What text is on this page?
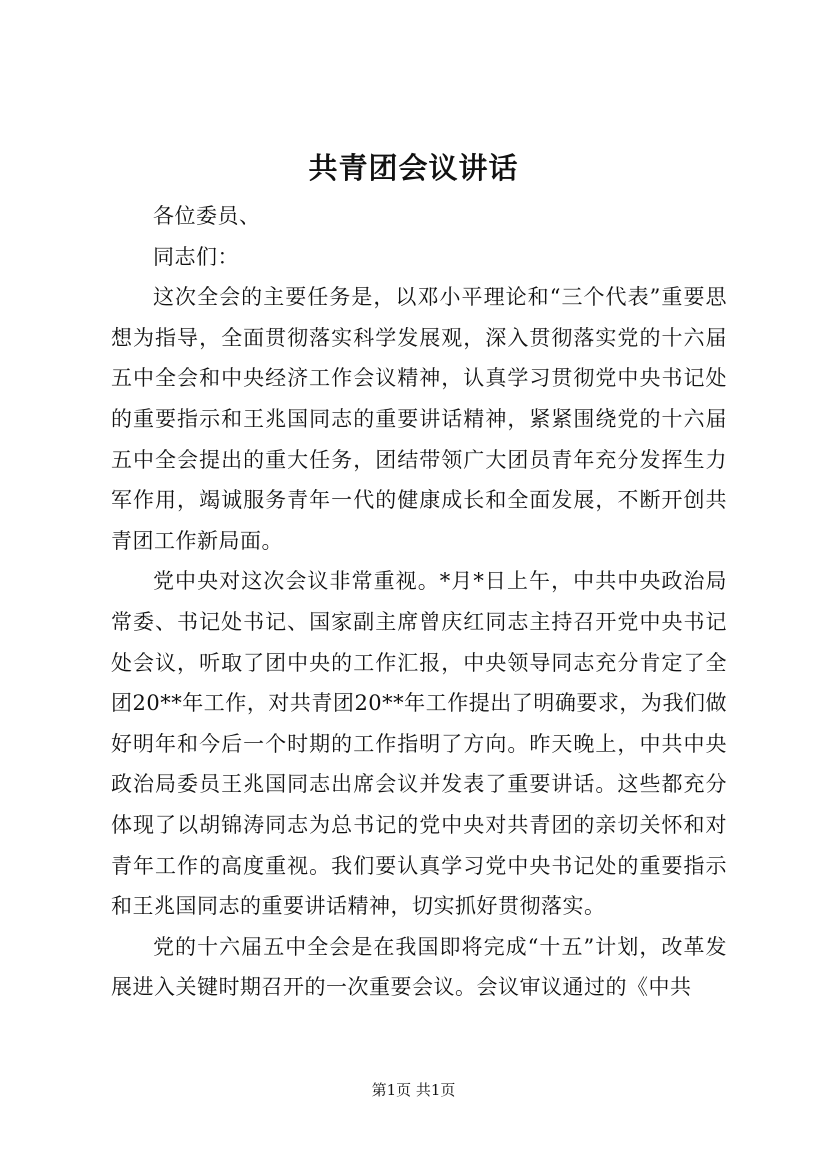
共青团会议讲话

各位委员、

同志们：

这次全会的主要任务是，以邓小平理论和“三个代表”重要思想为指导，全面贯彻落实科学发展观，深入贯彻落实党的十六届五中全会和中央经济工作会议精神，认真学习贯彻党中央书记处的重要指示和王兆国同志的重要讲话精神，紧紧围绕党的十六届五中全会提出的重大任务，团结带领广大团员青年充分发挥生力军作用，竭诚服务青年一代的健康成长和全面发展，不断开创共青团工作新局面。

党中央对这次会议非常重视。*月*日上午，中共中央政治局常委、书记处书记、国家副主席曾庆红同志主持召开党中央书记处会议，听取了团中央的工作汇报，中央领导同志充分肯定了全团20**年工作，对共青团20**年工作提出了明确要求，为我们做好明年和今后一个时期的工作指明了方向。昨天晚上，中共中央政治局委员王兆国同志出席会议并发表了重要讲话。这些都充分体现了以胡锦涛同志为总书记的党中央对共青团的亲切关怀和对青年工作的高度重视。我们要认真学习党中央书记处的重要指示和王兆国同志的重要讲话精神，切实抓好贯彻落实。

党的十六届五中全会是在我国即将完成“十五”计划，改革发展进入关键时期召开的一次重要会议。会议审议通过的《中共

第1页 共1页
